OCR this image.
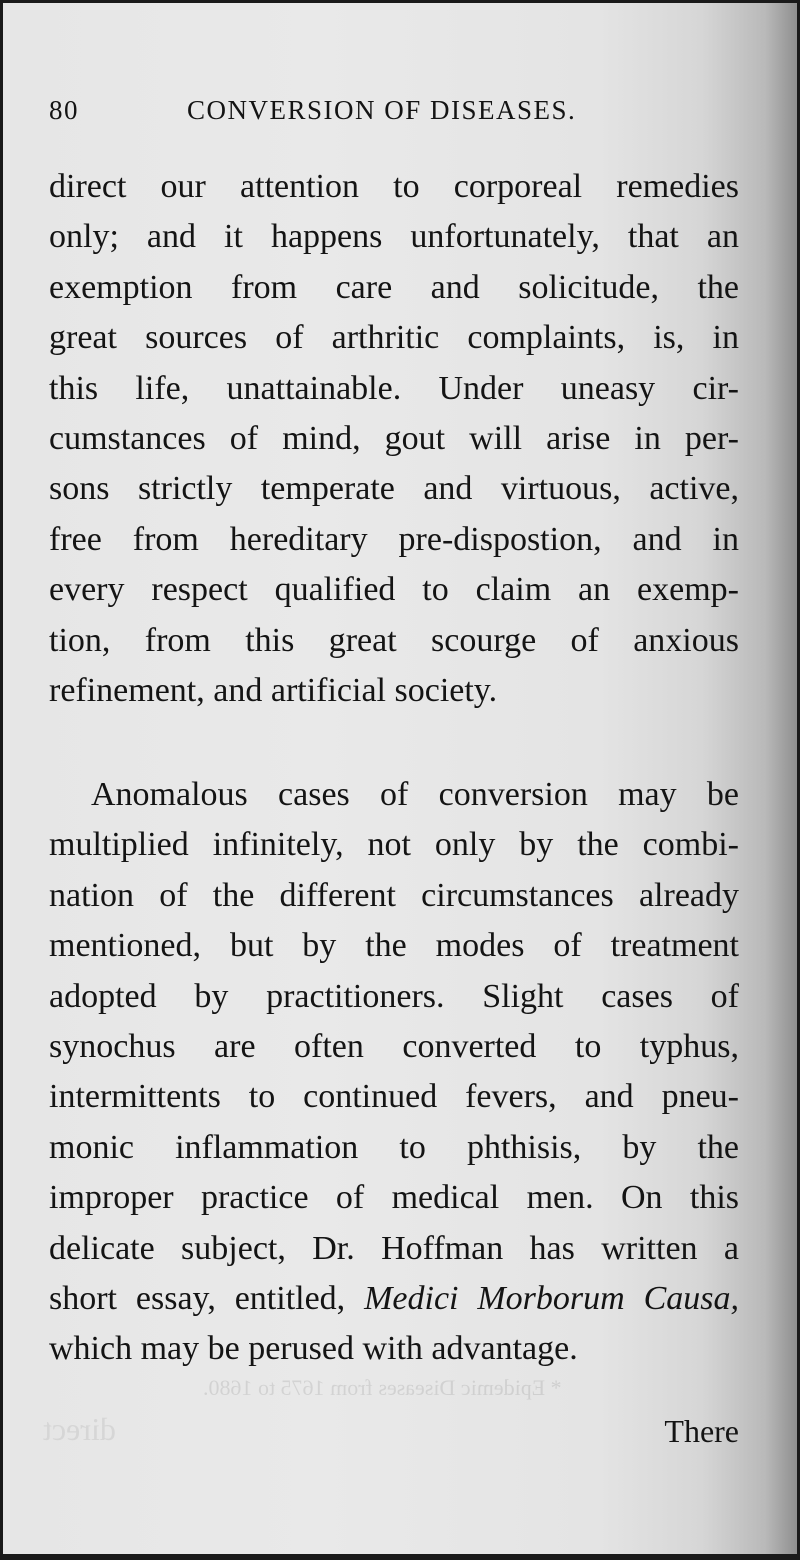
* Epidemic Diseases from 1675 to 1680.
direct
80	CONVERSION OF DISEASES.
direct our attention to corporeal remedies
only; and it happens unfortunately, that an
exemption from care and solicitude, the
great sources of arthritic complaints, is, in
this life, unattainable. Under uneasy cir-
cumstances of mind, gout will arise in per-
sons strictly temperate and virtuous, active,
free from hereditary pre-dispostion, and in
every respect qualified to claim an exemp-
tion, from this great scourge of anxious
refinement, and artificial society.
Anomalous cases of conversion may be
multiplied infinitely, not only by the combi-
nation of the different circumstances already
mentioned, but by the modes of treatment
adopted by practitioners. Slight cases of
synochus are often converted to typhus,
intermittents to continued fevers, and pneu-
monic inflammation to phthisis, by the
improper practice of medical men. On this
delicate subject, Dr. Hoffman has written a
short essay, entitled, Medici Morborum Causa,
which may be perused with advantage.
There
